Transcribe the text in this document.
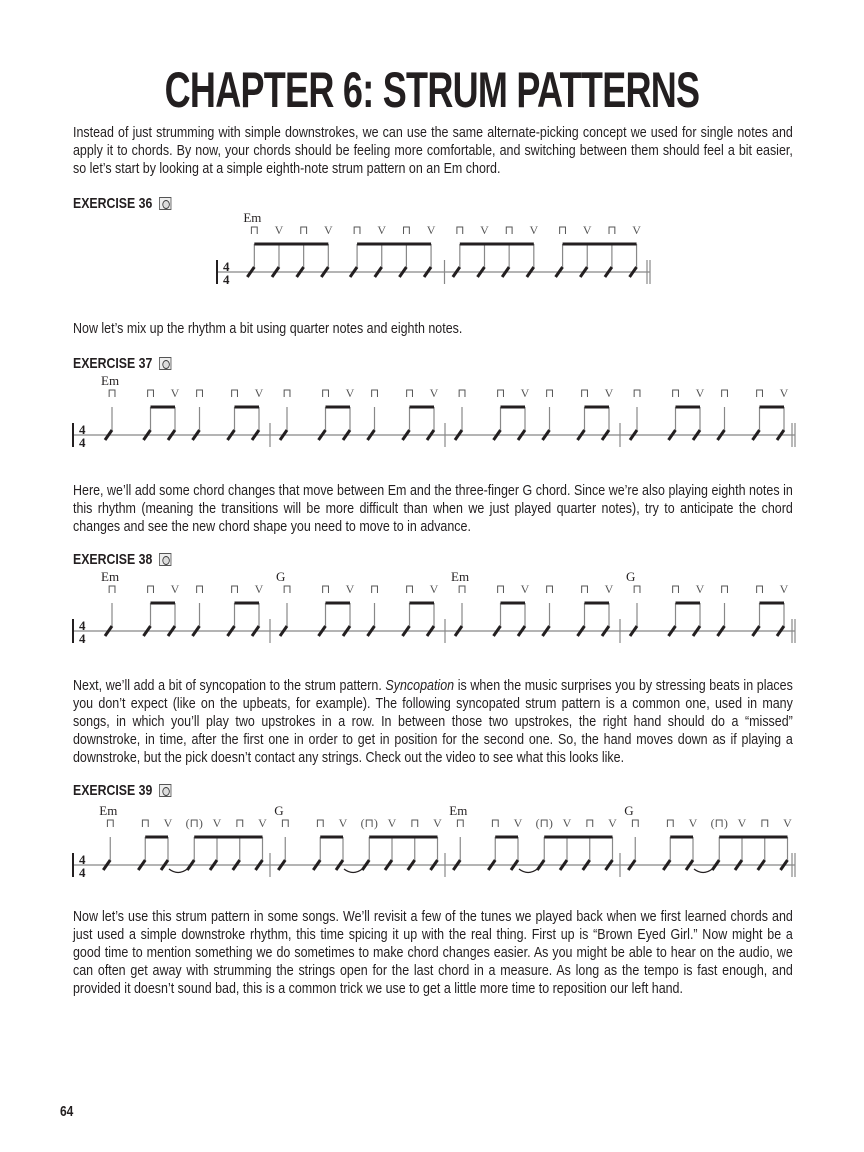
CHAPTER 6: STRUM PATTERNS
Instead of just strumming with simple downstrokes, we can use the same alternate-picking concept we used for single notes and apply it to chords. By now, your chords should be feeling more comfortable, and switching between them should feel a bit easier, so let’s start by looking at a simple eighth-note strum pattern on an Em chord.
EXERCISE 36
4
4
Em
⊓ V ⊓ V ⊓ V ⊓ V ⊓ V ⊓ V ⊓ V ⊓ V
Now let’s mix up the rhythm a bit using quarter notes and eighth notes.
EXERCISE 37
4
4
Em
⊓ ⊓ V ⊓ ⊓ V ⊓ ⊓ V ⊓ ⊓ V ⊓ ⊓ V ⊓ ⊓ V ⊓ ⊓ V ⊓ ⊓ V
Here, we’ll add some chord changes that move between Em and the three-finger G chord. Since we’re also playing eighth notes in this rhythm (meaning the transitions will be more difficult than when we just played quarter notes), try to anticipate the chord changes and see the new chord shape you need to move to in advance.
EXERCISE 38
4
4
Em
⊓ ⊓ V ⊓ ⊓ V
G
⊓ ⊓ V ⊓ ⊓ V
Em
⊓ ⊓ V ⊓ ⊓ V
G
⊓ ⊓ V ⊓ ⊓ V
Next, we’ll add a bit of syncopation to the strum pattern. Syncopation is when the music surprises you by stressing beats in places you don’t expect (like on the upbeats, for example). The following syncopated strum pattern is a common one, used in many songs, in which you’ll play two upstrokes in a row. In between those two upstrokes, the right hand should do a “missed” downstroke, in time, after the first one in order to get in position for the second one. So, the hand moves down as if playing a downstroke, but the pick doesn’t contact any strings. Check out the video to see what this looks like.
EXERCISE 39
4
4
Em
⊓ ⊓ V (⊓) V ⊓ V
G
⊓ ⊓ V (⊓) V ⊓ V
Em
⊓ ⊓ V (⊓) V ⊓ V
G
⊓ ⊓ V (⊓) V ⊓ V
Now let’s use this strum pattern in some songs. We’ll revisit a few of the tunes we played back when we first learned chords and just used a simple downstroke rhythm, this time spicing it up with the real thing. First up is “Brown Eyed Girl.” Now might be a good time to mention something we do sometimes to make chord changes easier. As you might be able to hear on the audio, we can often get away with strumming the strings open for the last chord in a measure. As long as the tempo is fast enough, and provided it doesn’t sound bad, this is a common trick we use to get a little more time to reposition our left hand.
64
